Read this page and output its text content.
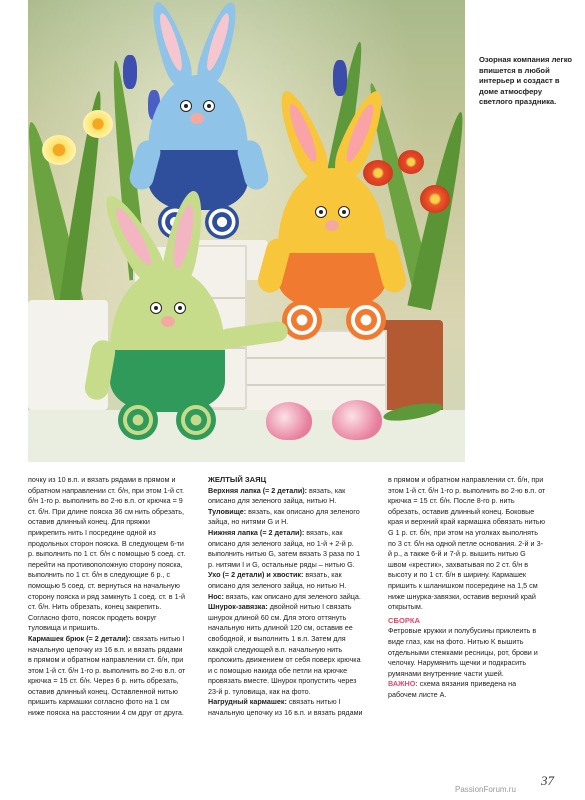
Озорная компания легко впишется в любой интерьер и создаст в доме атмосферу светлого праздника.

почку из 10 в.п. и вязать рядами в прямом и обратном направлении ст. б/н, при этом 1-й ст. б/н 1-го р. выполнить во 2-ю в.п. от крючка = 9 ст. б/н. При длине пояска 36 см нить обрезать, оставив длинный конец. Для пряжки прикрепить нить I посредине одной из продольных сторон пояска. В следующем 6-ти р. выполнить по 1 ст. б/н с помощью 5 соед. ст. перейти на противоположную сторону пояска, выполнить по 1 ст. б/н в следующие 6 р., с помощью 5 соед. ст. вернуться на начальную сторону пояска и ряд замкнуть 1 соед. ст. в 1-й ст. б/н. Нить обрезать, конец закрепить. Согласно фото, поясок продеть вокруг туловища и пришить.

Кармашек брюк (= 2 детали): связать нитью I начальную цепочку из 16 в.п. и вязать рядами в прямом и обратном направлении ст. б/н, при этом 1-й ст. б/н 1-го р. выполнить во 2-ю в.п. от крючка = 15 ст. б/н. Через 6 р. нить обрезать, оставив длинный конец. Оставленной нитью пришить кармашки согласно фото на 1 см ниже пояска на расстоянии 4 см друг от друга.

ЖЕЛТЫЙ ЗАЯЦ

Верхняя лапка (= 2 детали): вязать, как описано для зеленого зайца, нитью H.

Туловище: вязать, как описано для зеленого зайца, но нитями G и H.

Нижняя лапка (= 2 детали): вязать, как описано для зеленого зайца, но 1-й + 2-й р. выполнить нитью G, затем вязать 3 раза по 1 р. нитями I и G, остальные ряды – нитью G.

Ухо (= 2 детали) и хвостик: вязать, как описано для зеленого зайца, но нитью H.

Нос: вязать, как описано для зеленого зайца.

Шнурок-завязка: двойной нитью I связать шнурок длиной 60 см. Для этого оттянуть начальную нить длиной 120 см, оставив ее свободной, и выполнить 1 в.п. Затем для каждой следующей в.п. начальную нить проложить движением от себя поверх крючка и с помощью накида обе петли на крючке провязать вместе. Шнурок пропустить через 23-й р. туловища, как на фото.

Нагрудный кармашек: связать нитью I начальную цепочку из 16 в.п. и вязать рядами

в прямом и обратном направлении ст. б/н, при этом 1-й ст. б/н 1-го р. выполнить во 2-ю в.п. от крючка = 15 ст. б/н. После 8-го р. нить обрезать, оставив длинный конец. Боковые края и верхний край кармашка обвязать нитью G 1 р. ст. б/н, при этом на уголках выполнять по 3 ст. б/н на одной петле основания. 2-й и 3-й р., а также 6-й и 7-й р. вышить нитью G швом «крестик», захватывая по 2 ст. б/н в высоту и по 1 ст. б/н в ширину. Кармашек пришить к шланишком посередине на 1,5 см ниже шнурка-завязки, оставив верхний край открытым.

СБОРКА

Фетровые кружки и полубусины приклеить в виде глаз, как на фото. Нитью K вышить отдельными стежками ресницы, рот, брови и челочку. Нарумянить щечки и подкрасить румянами внутренние части ушей.

ВАЖНО: схема вязания приведена на рабочем листе A.

37
PassionForum.ru
